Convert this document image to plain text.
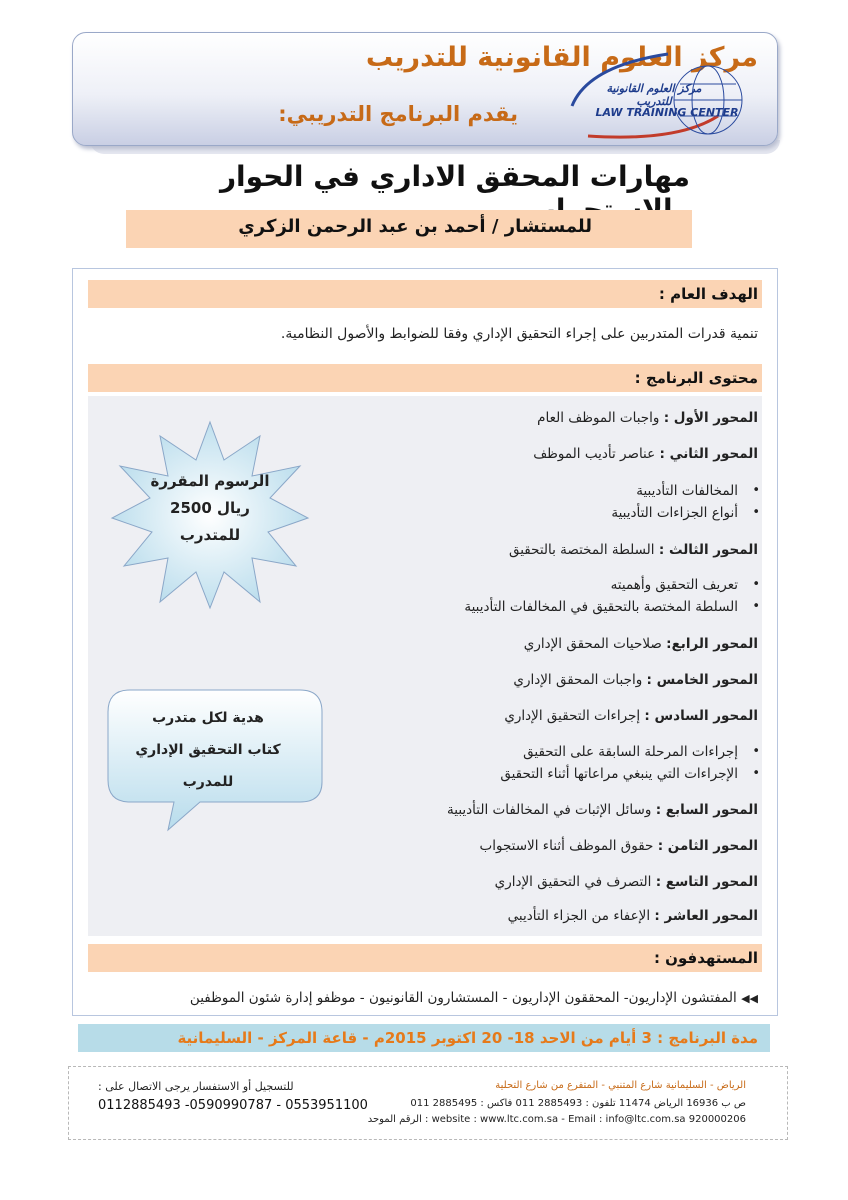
مركز العلوم القانونية للتدريب
يقدم البرنامج التدريبي:
مركز العلوم القانونية للتدريب
LAW TRAINING CENTER
مهارات المحقق الاداري في الحوار
للمستشار / أحمد بن عبد الرحمن الزكري
الهدف العام :
تنمية قدرات المتدربين على إجراء التحقيق الإداري وفقا للضوابط والأصول النظامية.
محتوى البرنامج :
المحور الأول : واجبات الموظف العام
المحور الثاني : عناصر تأديب الموظف
المخالفات التأديبية •
أنواع الجزاءات التأديبية •
المحور الثالث : السلطة المختصة بالتحقيق
تعريف التحقيق وأهميته •
السلطة المختصة بالتحقيق في المخالفات التأديبية •
المحور الرابع: صلاحيات المحقق الإداري
المحور الخامس : واجبات المحقق الإداري
المحور السادس : إجراءات التحقيق الإداري
إجراءات المرحلة السابقة على التحقيق •
الإجراءات التي ينبغي مراعاتها أثناء التحقيق •
المحور السابع : وسائل الإثبات في المخالفات التأديبية
المحور الثامن : حقوق الموظف أثناء الاستجواب
المحور التاسع : التصرف في التحقيق الإداري
المحور العاشر : الإعفاء من الجزاء التأديبي
الرسوم المقررة
2500 ريال
للمتدرب
هدية لكل متدرب
كتاب التحقيق الإداري
للمدرب
المستهدفون :
◀◀ المفتشون الإداريون- المحققون الإداريون - المستشارون القانونيون - موظفو إدارة شئون الموظفين
مدة البرنامج : 3 أيام من الاحد 18- 20 اكتوبر 2015م - قاعة المركز - السليمانية
الرياض - السليمانية شارع المتنبي - المتفرع من شارع التحلية
ص ب 16936 الرياض 11474 تلفون : 2885493 011 فاكس : 2885495 011
website : www.ltc.com.sa - Email : info@ltc.com.sa 920000206 : الرقم الموحد
للتسجيل أو الاستفسار يرجى الاتصال على :
0112885493 -0590990787 - 0553951100
